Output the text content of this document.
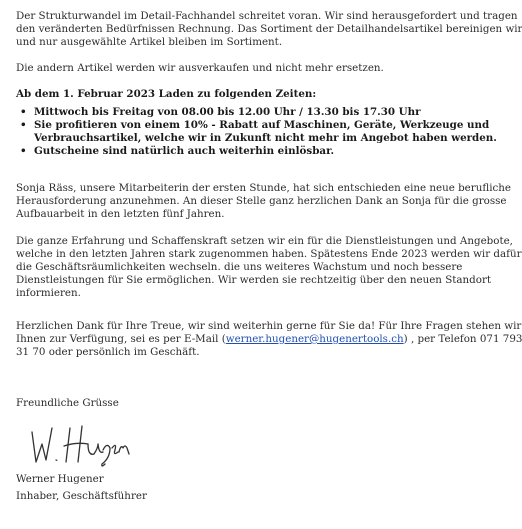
Der Strukturwandel im Detail-Fachhandel schreitet voran. Wir sind herausgefordert und tragen
den veränderten Bedürfnissen Rechnung. Das Sortiment der Detailhandelsartikel bereinigen wir
und nur ausgewählte Artikel bleiben im Sortiment.

Die andern Artikel werden wir ausverkaufen und nicht mehr ersetzen.

Ab dem 1. Februar 2023 Laden zu folgenden Zeiten:

• Mittwoch bis Freitag von 08.00 bis 12.00 Uhr / 13.30 bis 17.30 Uhr
• Sie profitieren von einem 10% - Rabatt auf Maschinen, Geräte, Werkzeuge und
Verbrauchsartikel, welche wir in Zukunft nicht mehr im Angebot haben werden.
• Gutscheine sind natürlich auch weiterhin einlösbar.

Sonja Räss, unsere Mitarbeiterin der ersten Stunde, hat sich entschieden eine neue berufliche
Herausforderung anzunehmen. An dieser Stelle ganz herzlichen Dank an Sonja für die grosse
Aufbauarbeit in den letzten fünf Jahren.

Die ganze Erfahrung und Schaffenskraft setzen wir ein für die Dienstleistungen und Angebote,
welche in den letzten Jahren stark zugenommen haben. Spätestens Ende 2023 werden wir dafür
die Geschäftsräumlichkeiten wechseln. die uns weiteres Wachstum und noch bessere
Dienstleistungen für Sie ermöglichen. Wir werden sie rechtzeitig über den neuen Standort
informieren.

Herzlichen Dank für Ihre Treue, wir sind weiterhin gerne für Sie da! Für Ihre Fragen stehen wir
Ihnen zur Verfügung, sei es per E-Mail (werner.hugener@hugenertools.ch) , per Telefon 071 793
31 70 oder persönlich im Geschäft.

Freundliche Grüsse

Werner Hugener

Inhaber, Geschäftsführer
